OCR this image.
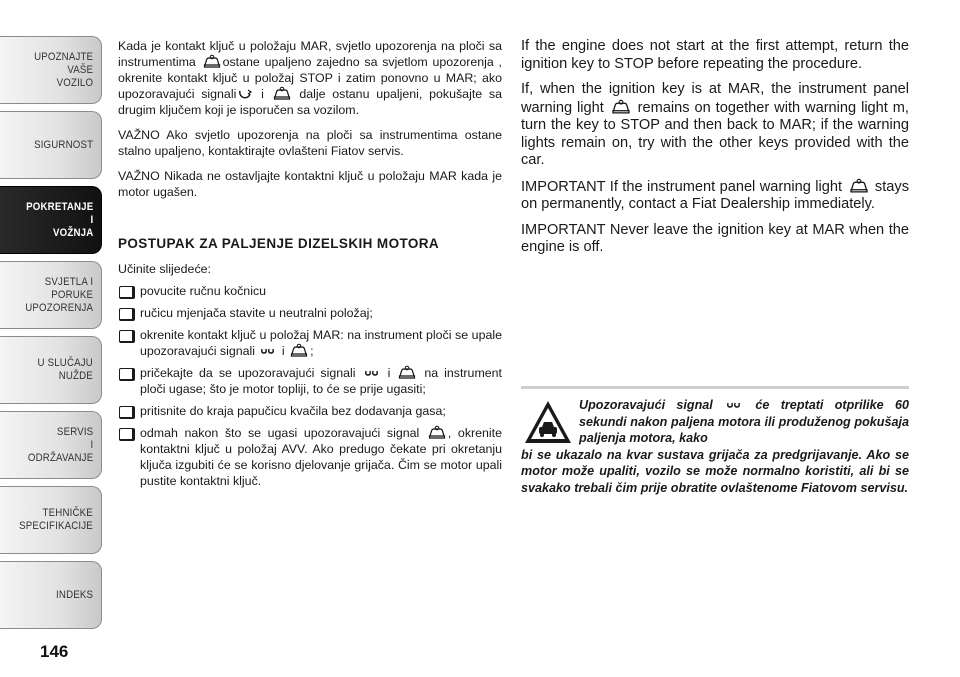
UPOZNAJTE
VAŠE
VOZILO
SIGURNOST
POKRETANJE
I
VOŽNJA
SVJETLA I
PORUKE
UPOZORENJA
U SLUČAJU
NUŽDE
SERVIS
I
ODRŽAVANJE
TEHNIČKE
SPECIFIKACIJE
INDEKS
146

Kada je kontakt ključ u položaju MAR, svjetlo upozorenja na ploči sa instrumentima ostane upaljeno zajedno sa svjetlom upozorenja , okrenite kontakt ključ u položaj STOP i zatim ponovno u MAR; ako upozoravajući signali i  dalje ostanu upaljeni, pokušajte sa drugim ključem koji je isporučen sa vozilom.

VAŽNO Ako svjetlo upozorenja na ploči sa instrumentima ostane stalno upaljeno, kontaktirajte ovlašteni Fiatov servis.

VAŽNO Nikada ne ostavljajte kontaktni ključ u položaju MAR kada je motor ugašen.

POSTUPAK ZA PALJENJE DIZELSKIH MOTORA

Učinite slijedeće:

povucite ručnu kočnicu
ručicu mjenjača stavite u neutralni položaj;
okrenite kontakt ključ u položaj MAR: na instrument ploči se upale upozoravajući signali  i ;
pričekajte da se upozoravajući signali  i  na instrument ploči ugase; što je motor topliji, to će se prije ugasiti;
pritisnite do kraja papučicu kvačila bez dodavanja gasa;
odmah nakon što se ugasi upozoravajući signal , okrenite kontaktni ključ u položaj AVV. Ako predugo čekate pri okretanju ključa izgubiti će se korisno djelovanje grijača. Čim se motor upali pustite kontaktni ključ.

If the engine does not start at the first attempt, return the ignition key to STOP before repeating the procedure.

If, when the ignition key is at MAR, the instrument panel warning light  remains on together with warning light m, turn the key to STOP and then back to MAR; if the warning lights remain on, try with the other keys provided with the car.

IMPORTANT If the instrument panel warning light  stays on permanently, contact a Fiat Dealership immediately.

IMPORTANT Never leave the ignition key at MAR when the engine is off.

Upozoravajući signal  će treptati otprilike 60 sekundi nakon paljena motora ili produženog pokušaja paljenja motora, kako
bi se ukazalo na kvar sustava grijača za predgrijavanje. Ako se motor može upaliti, vozilo se može normalno koristiti, ali bi se svakako trebali čim prije obratite ovlaštenome Fiatovom servisu.
